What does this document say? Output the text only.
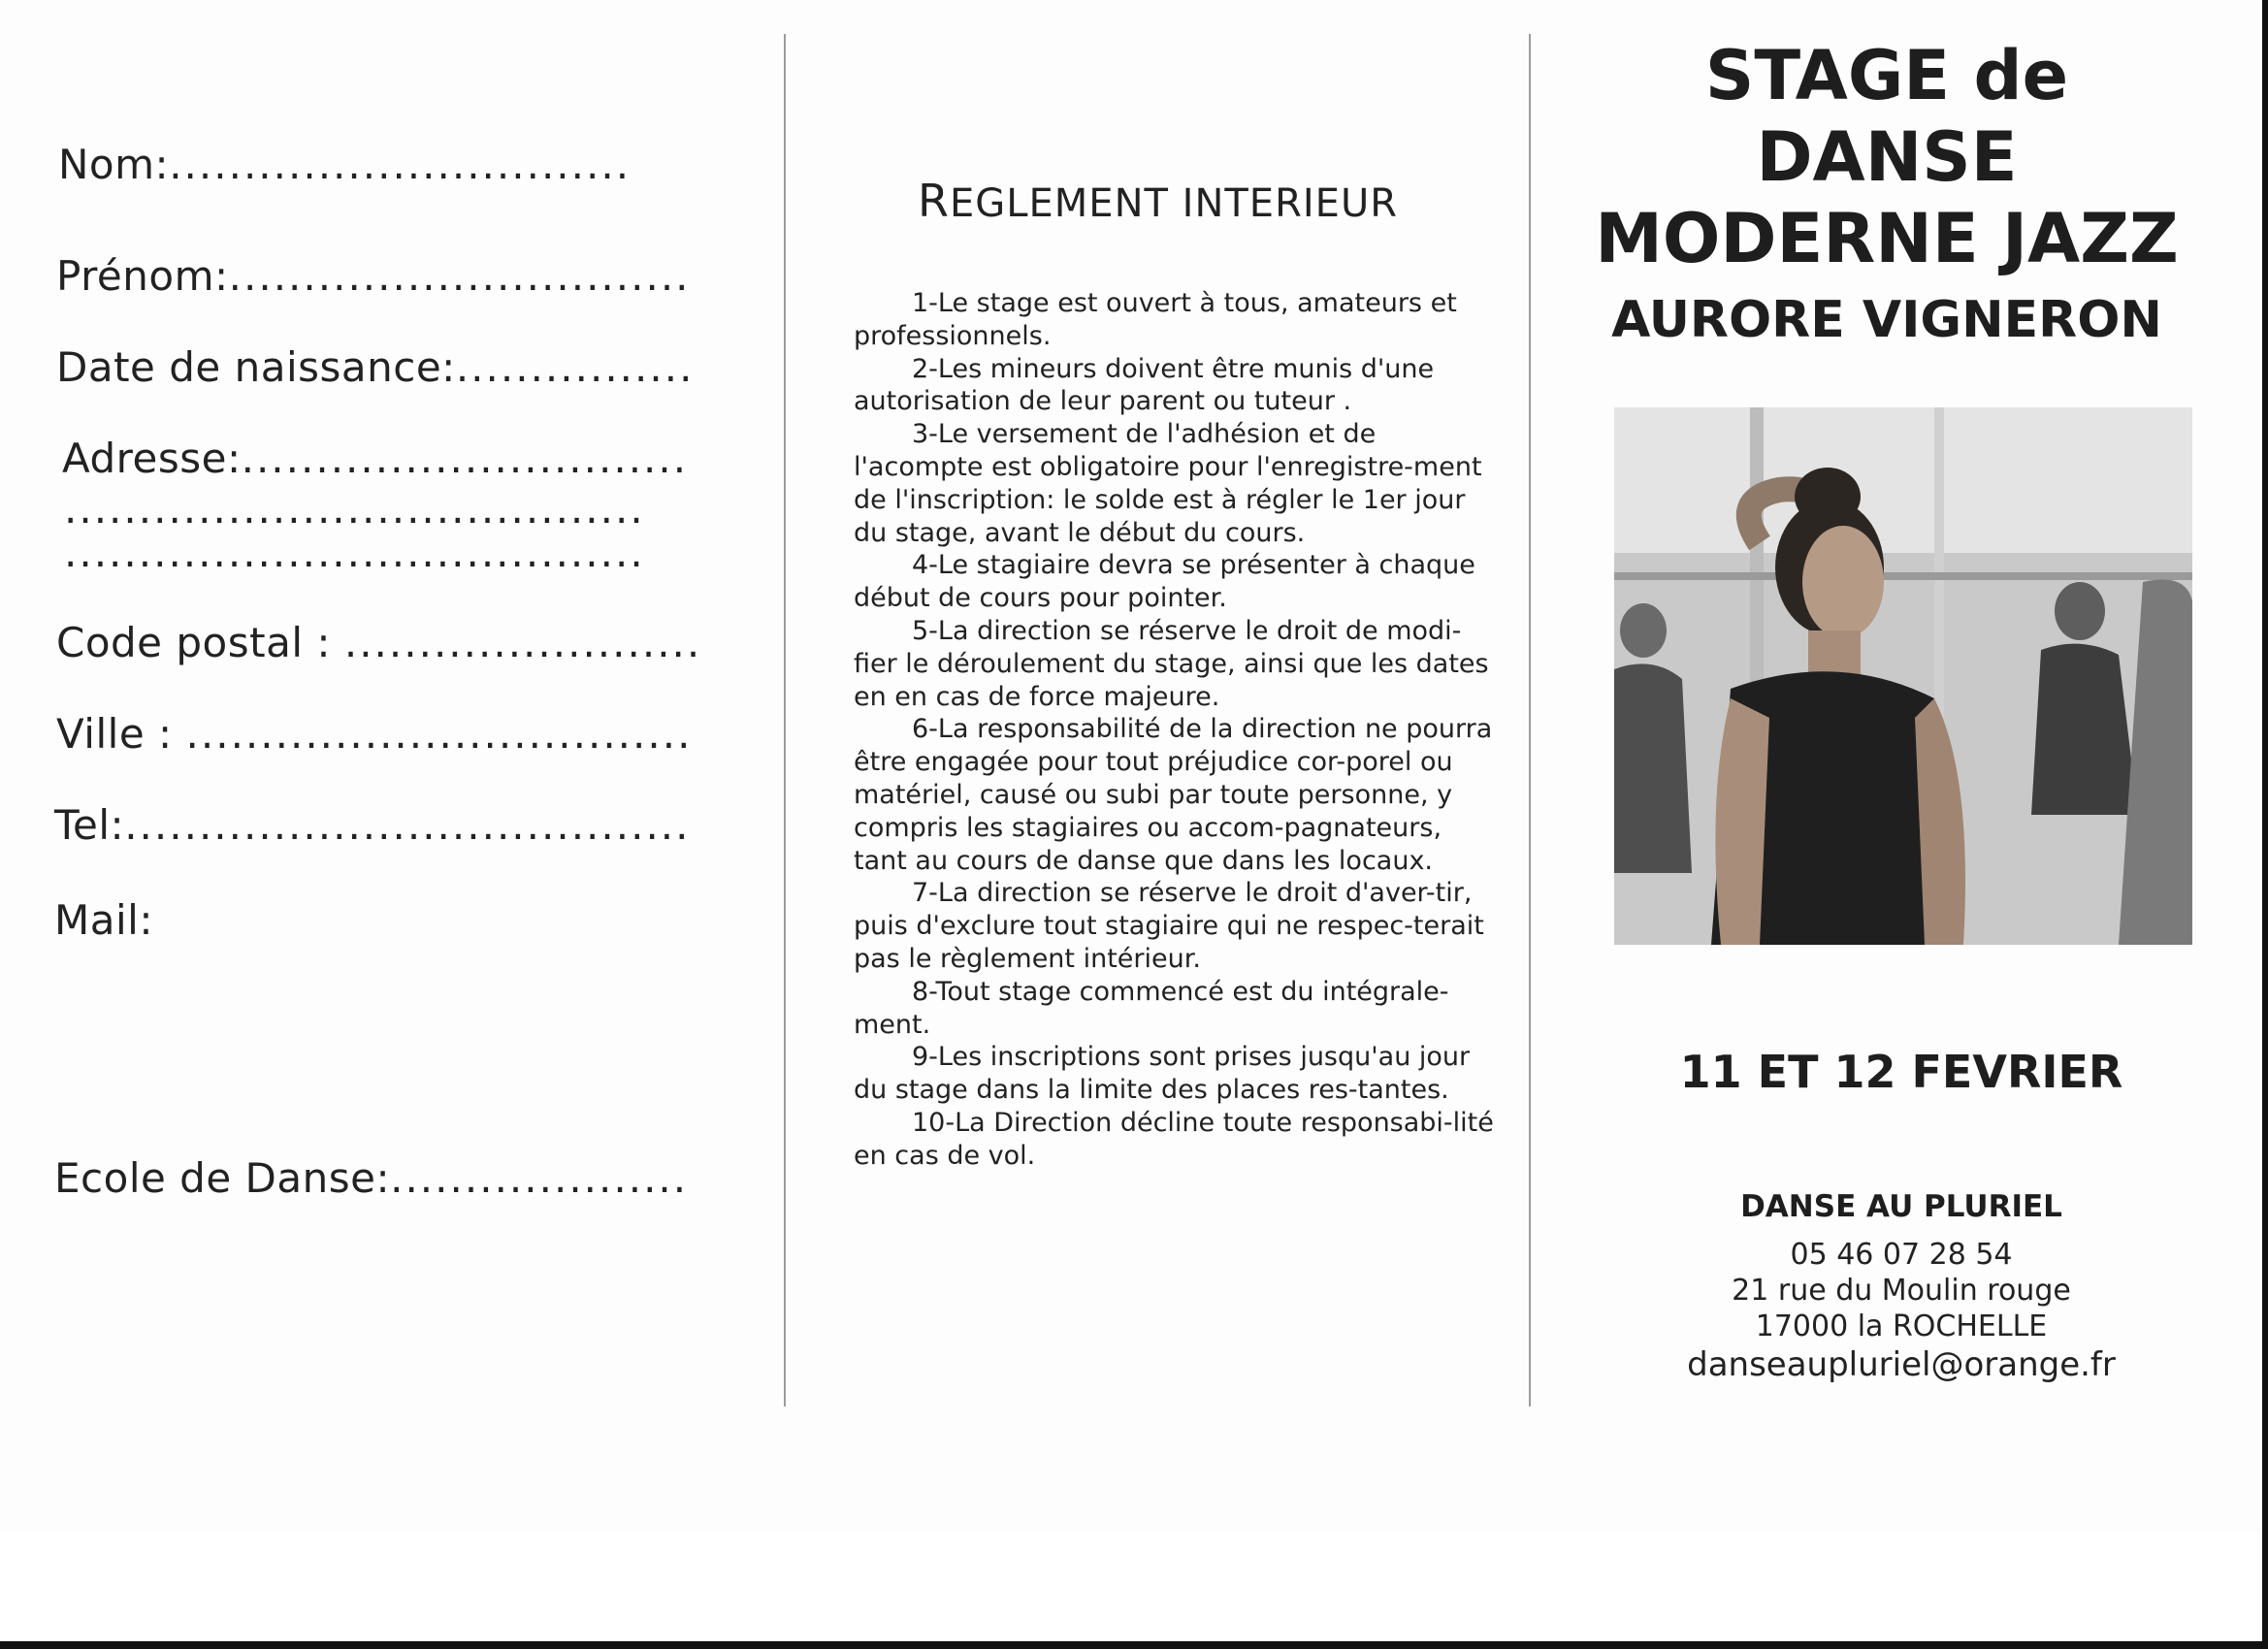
Nom:...............................
Prénom:...............................
Date de naissance:................
Adresse:..............................
.......................................
.......................................
Code postal : ........................
Ville : ..................................
Tel:......................................
Mail:
Ecole de Danse:....................
REGLEMENT INTERIEUR

1-Le stage est ouvert à tous, amateurs et professionnels.

2-Les mineurs doivent être munis d'une autorisation de leur parent ou tuteur .

3-Le versement de l'adhésion et de l'acompte est obligatoire pour l'enregistre-ment de l'inscription: le solde est à régler le 1er jour du stage, avant le début du cours.

4-Le stagiaire devra se présenter à chaque début de cours pour pointer.

5-La direction se réserve le droit de modi-fier le déroulement du stage, ainsi que les dates en en cas de force majeure.

6-La responsabilité de la direction ne pourra être engagée pour tout préjudice cor-porel ou matériel, causé ou subi par toute personne, y compris les stagiaires ou accom-pagnateurs, tant au cours de danse que dans les locaux.

7-La direction se réserve le droit d'aver-tir, puis d'exclure tout stagiaire qui ne respec-terait pas le règlement intérieur.

8-Tout stage commencé est du intégrale-ment.

9-Les inscriptions sont prises jusqu'au jour du stage dans la limite des places res-tantes.

10-La Direction décline toute responsabi-lité en cas de vol.

STAGE de DANSE
MODERNE JAZZ
AURORE VIGNERON
11 ET 12 FEVRIER
DANSE AU PLURIEL
05 46 07 28 54
21 rue du Moulin rouge
17000 la ROCHELLE
danseaupluriel@orange.fr
